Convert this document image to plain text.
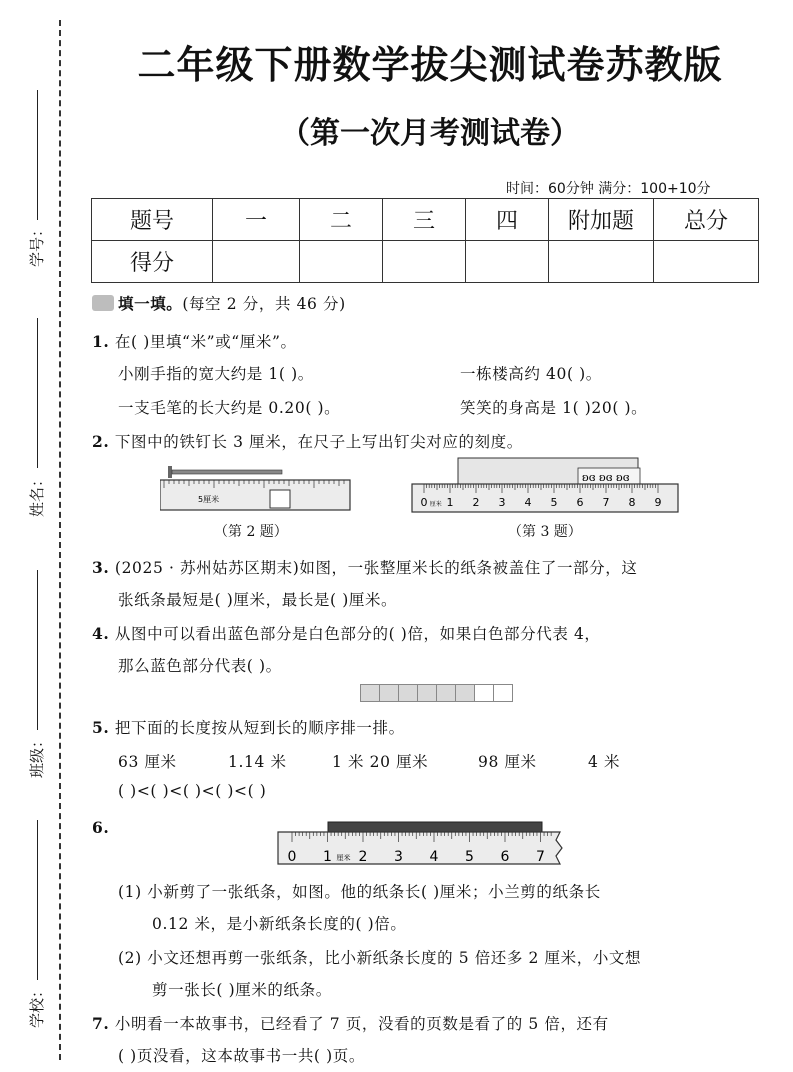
学号：
姓名：
班级：
学校：
二年级下册数学拔尖测试卷苏教版
（第一次月考测试卷）
时间：60分钟 满分：100+10分
题号	一	二	三	四	附加题	总分
得分						
填一填。(每空 2 分，共 46 分)
1. 在( )里填“米”或“厘米”。
小刚手指的宽大约是 1( )。	一栋楼高约 40( )。
一支毛笔的长大约是 0.20( )。	笑笑的身高是 1( )20( )。
2. 下图中的铁钉长 3 厘米，在尺子上写出钉尖对应的刻度。
5厘米
（第 2 题）
ʚɞ ʚɞ ʚɞ
0 1 2 3 4 5 6 7 8 9
厘米
（第 3 题）
3. (2025 · 苏州姑苏区期末)如图，一张整厘米长的纸条被盖住了一部分，这
张纸条最短是( )厘米，最长是( )厘米。
4. 从图中可以看出蓝色部分是白色部分的( )倍，如果白色部分代表 4，
那么蓝色部分代表( )。
5. 把下面的长度按从短到长的顺序排一排。
63 厘米	1.14 米	1 米 20 厘米	98 厘米	4 米
( )<( )<( )<( )<( )
6.
0 1 2 3 4 5 6 7
厘米
(1) 小新剪了一张纸条，如图。他的纸条长( )厘米；小兰剪的纸条长
0.12 米，是小新纸条长度的( )倍。
(2) 小文还想再剪一张纸条，比小新纸条长度的 5 倍还多 2 厘米，小文想
剪一张长( )厘米的纸条。
7. 小明看一本故事书，已经看了 7 页，没看的页数是看了的 5 倍，还有
( )页没看，这本故事书一共( )页。
